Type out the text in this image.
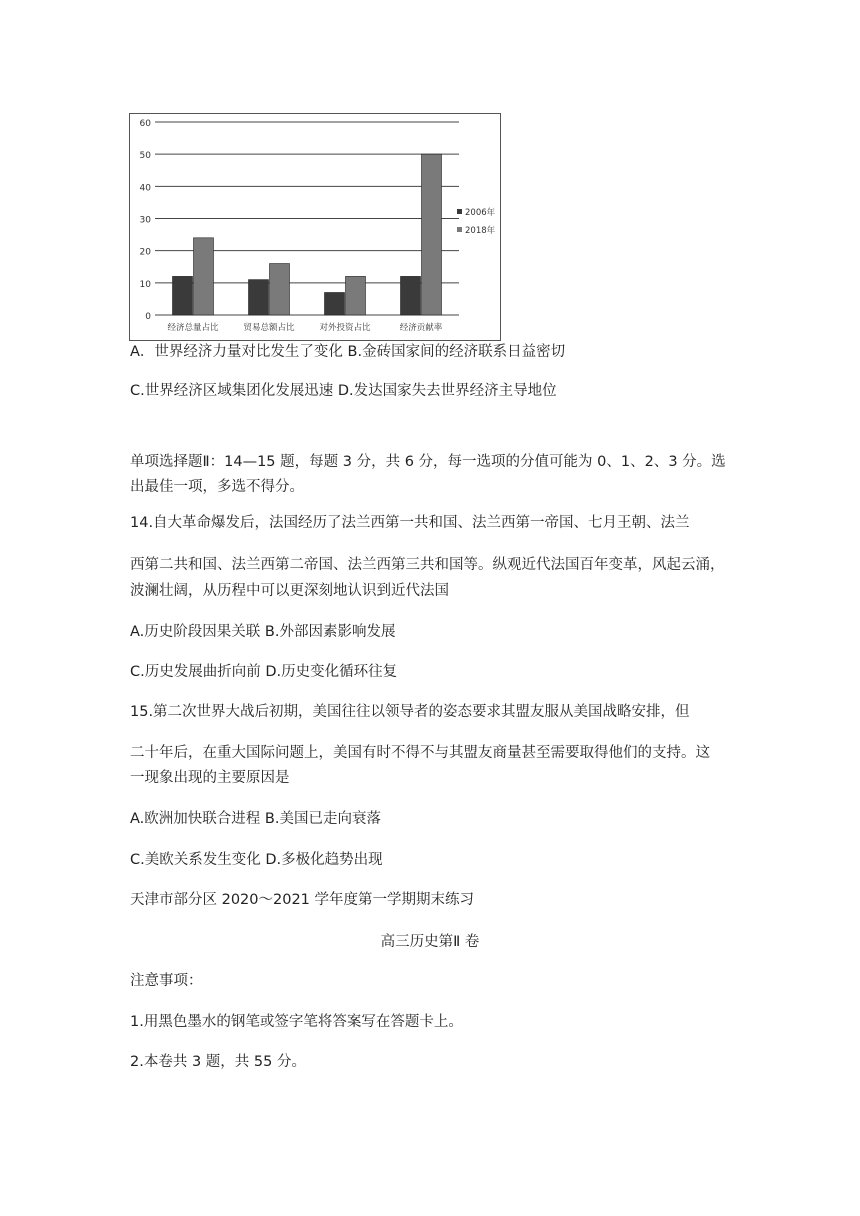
0
10
20
30
40
50
60
经济总量占比	贸易总额占比	对外投资占比	经济贡献率
2006年
2018年
A．世界经济力量对比发生了变化 B.金砖国家间的经济联系日益密切
C.世界经济区域集团化发展迅速 D.发达国家失去世界经济主导地位
单项选择题Ⅱ：14—15 题，每题 3 分，共 6 分，每一选项的分值可能为 0、1、2、3 分。选
出最佳一项，多选不得分。
14.自大革命爆发后，法国经历了法兰西第一共和国、法兰西第一帝国、七月王朝、法兰
西第二共和国、法兰西第二帝国、法兰西第三共和国等。纵观近代法国百年变革，风起云涌，
波澜壮阔，从历程中可以更深刻地认识到近代法国
A.历史阶段因果关联 B.外部因素影响发展
C.历史发展曲折向前 D.历史变化循环往复
15.第二次世界大战后初期，美国往往以领导者的姿态要求其盟友服从美国战略安排，但
二十年后，在重大国际问题上，美国有时不得不与其盟友商量甚至需要取得他们的支持。这
一现象出现的主要原因是
A.欧洲加快联合进程 B.美国已走向衰落
C.美欧关系发生变化 D.多极化趋势出现
天津市部分区 2020～2021 学年度第一学期期末练习
高三历史第Ⅱ 卷
注意事项：
1.用黑色墨水的钢笔或签字笔将答案写在答题卡上。
2.本卷共 3 题，共 55 分。
